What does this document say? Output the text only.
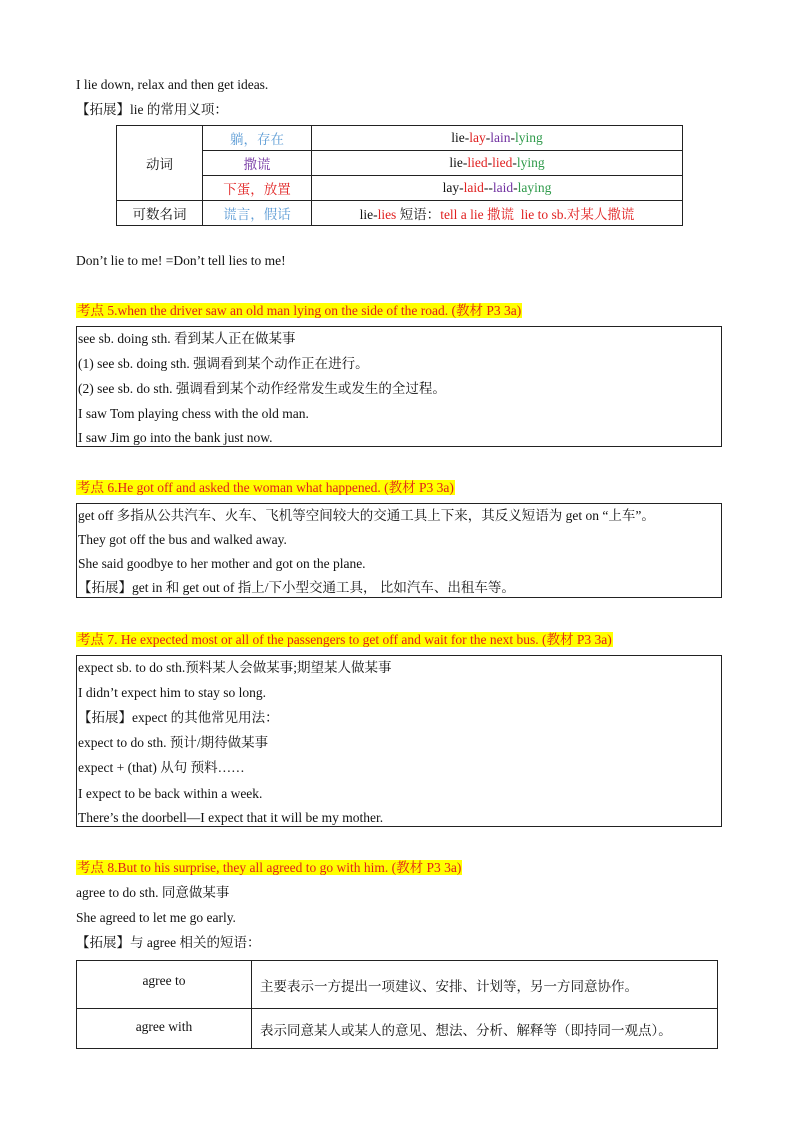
I lie down, relax and then get ideas.
【拓展】lie 的常用义项：
动词	躺，存在	lie-lay-lain-lying
	撒谎	lie-lied-lied-lying
	下蛋，放置	lay-laid--laid-laying
可数名词	谎言，假话	lie-lies 短语：tell a lie 撒谎  lie to sb.对某人撒谎
Don’t lie to me! =Don’t tell lies to me!
考点 5.when the driver saw an old man lying on the side of the road. (教材 P3 3a)
see sb. doing sth. 看到某人正在做某事
(1) see sb. doing sth. 强调看到某个动作正在进行。
(2) see sb. do sth. 强调看到某个动作经常发生或发生的全过程。
I saw Tom playing chess with the old man.
I saw Jim go into the bank just now.
考点 6.He got off and asked the woman what happened. (教材 P3 3a)
get off 多指从公共汽车、火车、飞机等空间较大的交通工具上下来，其反义短语为 get on “上车”。
They got off the bus and walked away.
She said goodbye to her mother and got on the plane.
【拓展】get in 和 get out of 指上/下小型交通工具， 比如汽车、出租车等。
考点 7. He expected most or all of the passengers to get off and wait for the next bus. (教材 P3 3a)
expect sb. to do sth.预料某人会做某事;期望某人做某事
I didn’t expect him to stay so long.
【拓展】expect 的其他常见用法：
expect to do sth. 预计/期待做某事
expect + (that) 从句 预料……
I expect to be back within a week.
There’s the doorbell—I expect that it will be my mother.
考点 8.But to his surprise, they all agreed to go with him. (教材 P3 3a)
agree to do sth. 同意做某事
She agreed to let me go early.
【拓展】与 agree 相关的短语：
agree to	主要表示一方提出一项建议、安排、计划等，另一方同意协作。
agree with	表示同意某人或某人的意见、想法、分析、解释等（即持同一观点）。
